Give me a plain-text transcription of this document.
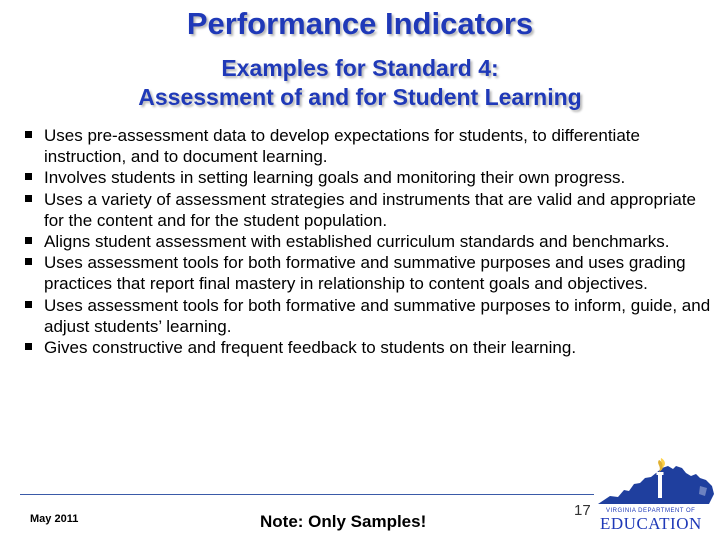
Performance Indicators
Examples for Standard 4:
Assessment of and for Student Learning
Uses pre-assessment data to develop expectations for students, to differentiate instruction, and to document learning.
Involves students in setting learning goals and monitoring their own progress.
Uses a variety of assessment strategies and instruments that are valid and appropriate for the content and for the student population.
Aligns student assessment with established curriculum standards and benchmarks.
Uses assessment tools for both formative and summative purposes and uses grading practices that report final mastery in relationship to content goals and objectives.
Uses assessment tools for both formative and summative purposes to inform, guide, and adjust students’ learning.
Gives constructive and frequent feedback to students on their learning.
May 2011	Note: Only Samples!
17	VIRGINIA DEPARTMENT OF
EDUCATION
